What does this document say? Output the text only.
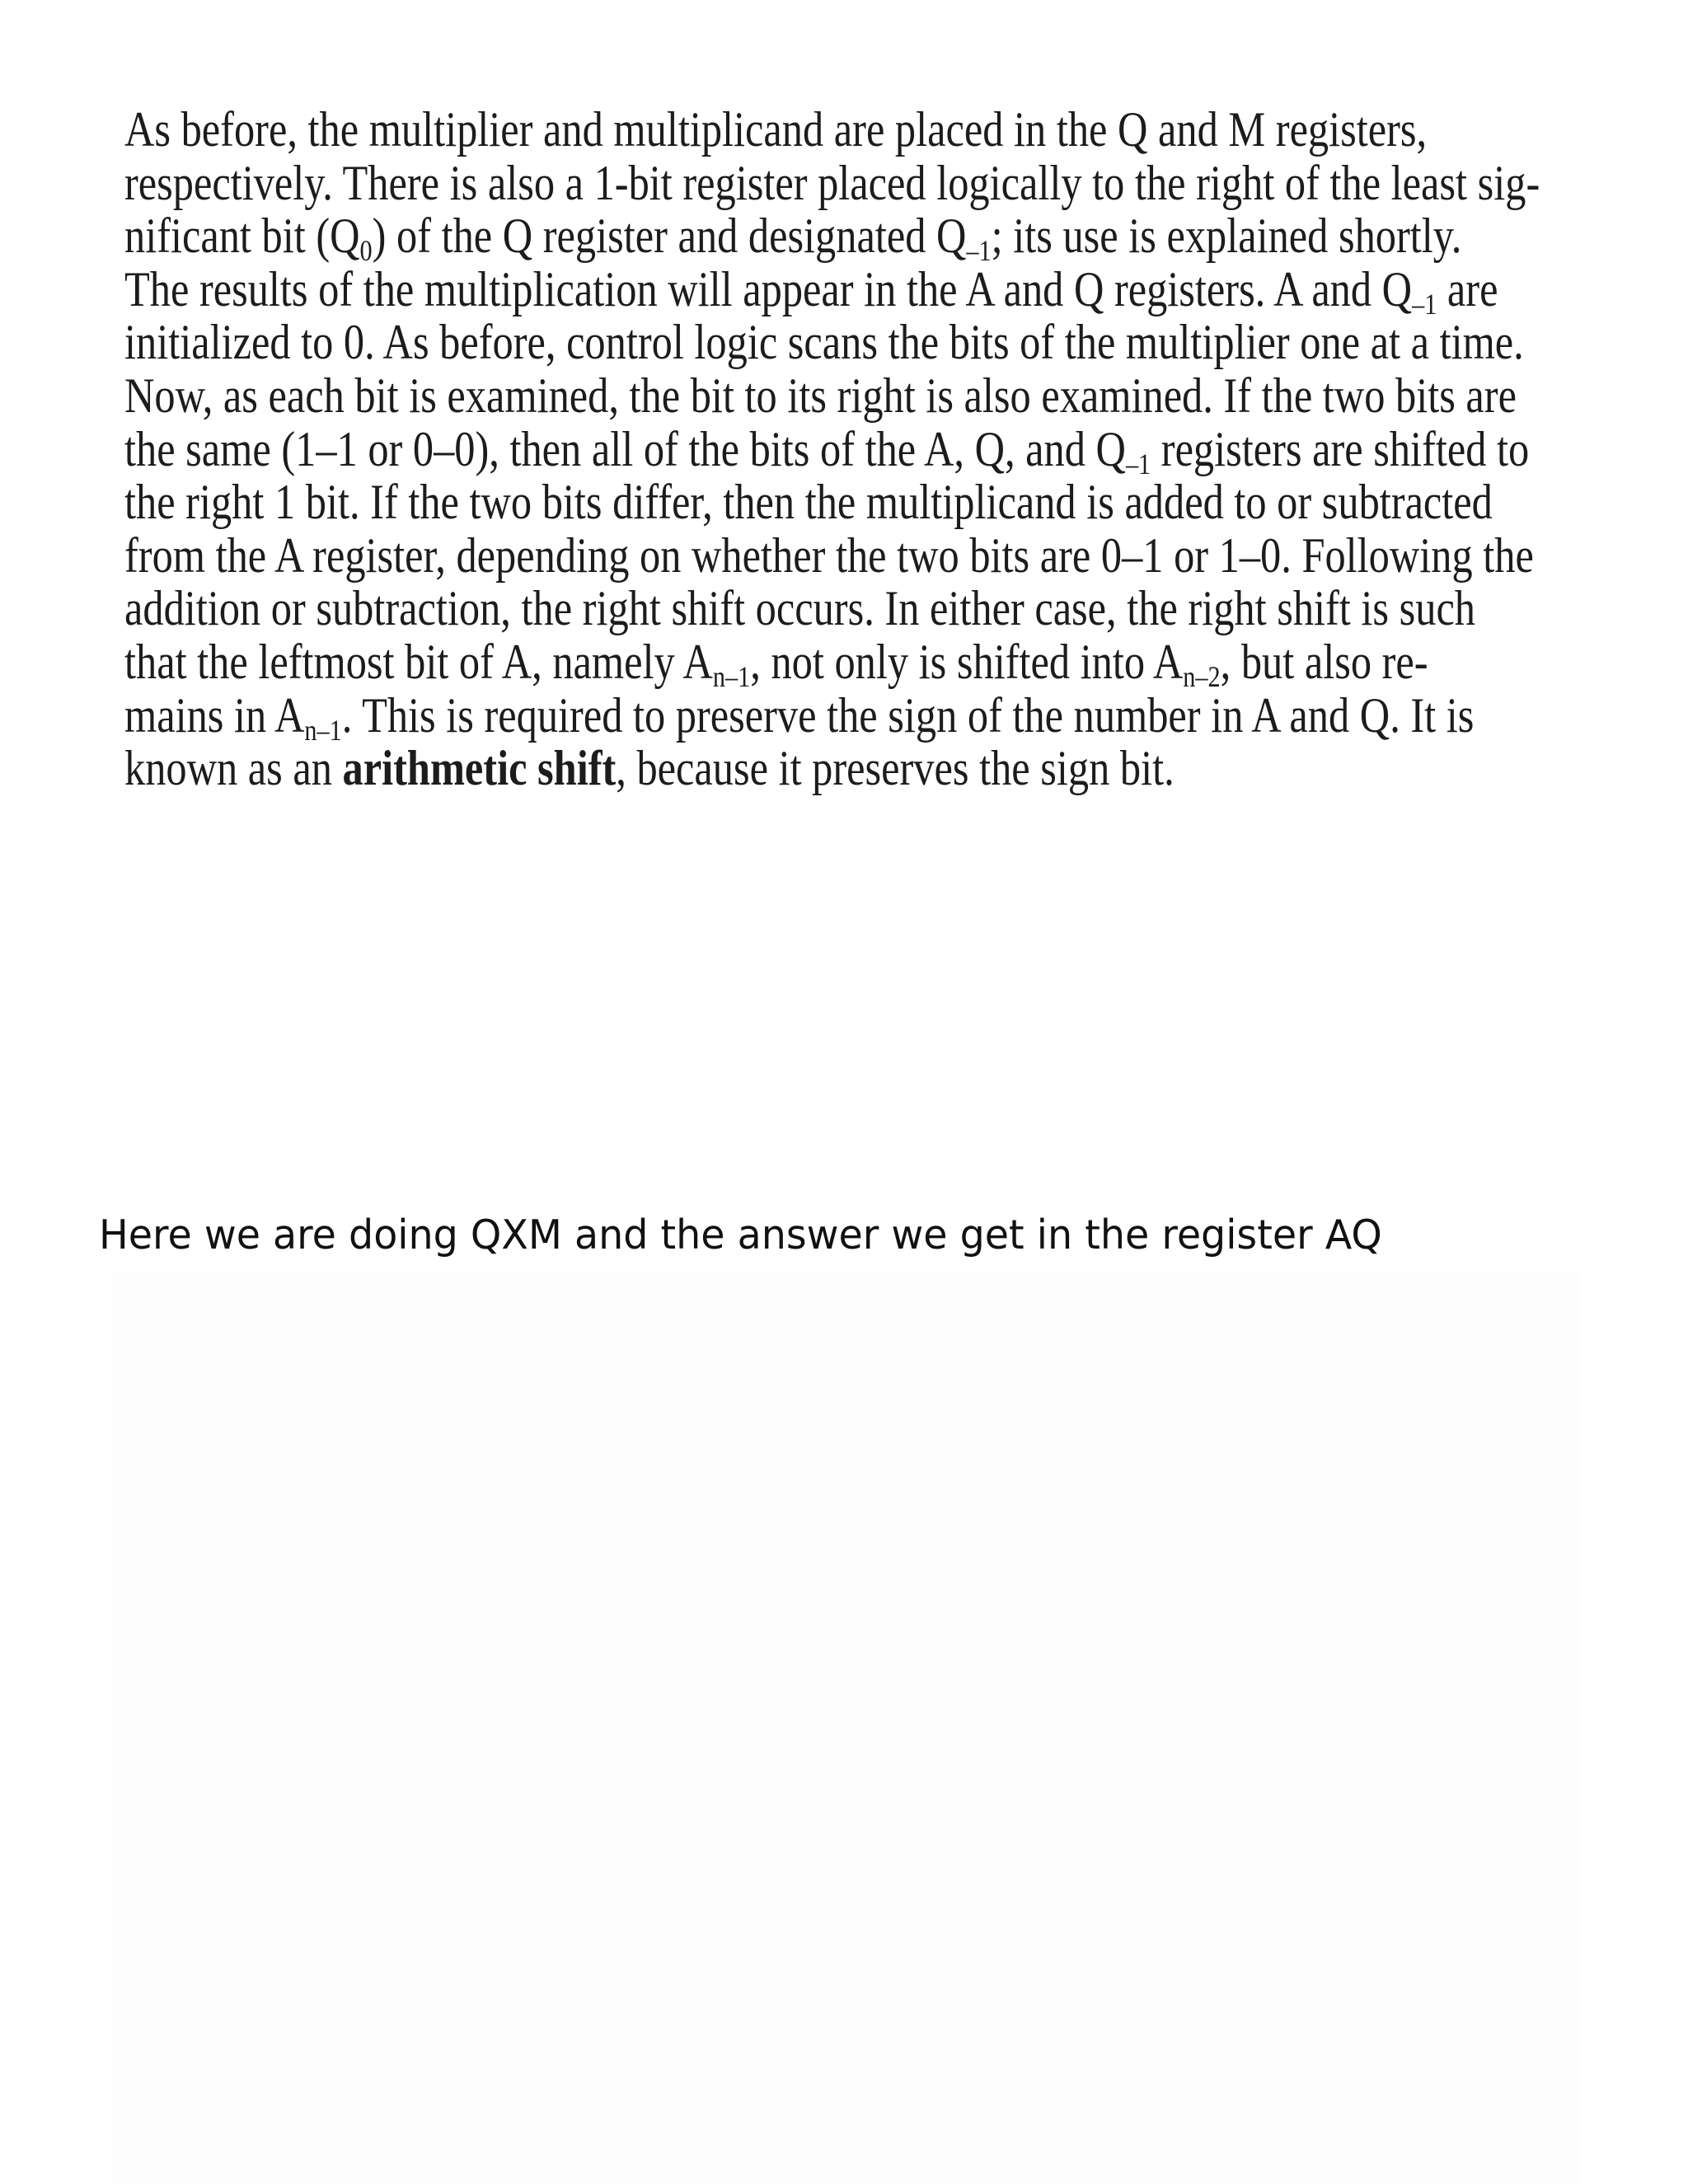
As before, the multiplier and multiplicand are placed in the Q and M registers,
respectively. There is also a 1-bit register placed logically to the right of the least sig-
nificant bit $(Q_0)$ of the Q register and designated $Q_{-1}$; its use is explained shortly.
The results of the multiplication will appear in the A and Q registers. A and $Q_{-1}$ are
initialized to 0. As before, control logic scans the bits of the multiplier one at a time.
Now, as each bit is examined, the bit to its right is also examined. If the two bits are
the same (1–1 or 0–0), then all of the bits of the A, Q, and $Q_{-1}$ registers are shifted to
the right 1 bit. If the two bits differ, then the multiplicand is added to or subtracted
from the A register, depending on whether the two bits are 0–1 or 1–0. Following the
addition or subtraction, the right shift occurs. In either case, the right shift is such
that the leftmost bit of A, namely $A_{n-1}$, not only is shifted into $A_{n-2}$, but also re-
mains in $A_{n-1}$. This is required to preserve the sign of the number in A and Q. It is
known as an arithmetic shift, because it preserves the sign bit.

Here we are doing QXM and the answer we get in the register AQ
